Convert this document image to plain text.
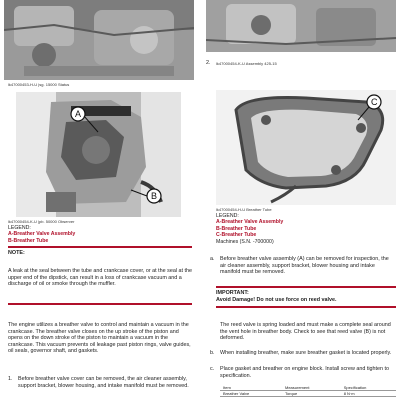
lk47000453-H-U |sg. 15000 Status
A
B
lk47000454-K-U |pb. 50000 Observer
LEGEND:
A-Breather Valve Assembly
B-Breather Tube
NOTE:
A leak at the seal between the tube and crankcase cover, or at the seal at the upper end of the dipstick, can result in a loss of crankcase vacuum and a discharge of oil or smoke through the muffler.
The engine utilizes a breather valve to control and maintain a vacuum in the crankcase. The breather valve closes on the up stroke of the piston and opens on the down stroke of the piston to maintain a vacuum in the crankcase. This vacuum prevents oil leakage past piston rings, valve guides, oil seals, governor shaft, and gaskets.
1. Before breather valve cover can be removed, the air cleaner assembly, support bracket, blower housing, and intake manifold must be removed.
2. lk47000454-K-U Assembly 425-15
C
lk47000454-H-U Breather Tube
LEGEND:
A-Breather Valve Assembly
B-Breather Tube
C-Breather Tube
Machines (S.N. -700000)
a. Before breather valve assembly (A) can be removed for inspection, the air cleaner assembly, support bracket, blower housing and intake manifold must be removed.
IMPORTANT:
Avoid Damage! Do not use force on reed valve.
The reed valve is spring loaded and must make a complete seal around the vent hole in breather body. Check to see that reed valve (B) is not deformed.
b. When installing breather, make sure breather gasket is located properly.
c. Place gasket and breather on engine block. Install screw and tighten to specification.
Item	Measurement	Specification
Breather Valve	Torque	8 N·m
